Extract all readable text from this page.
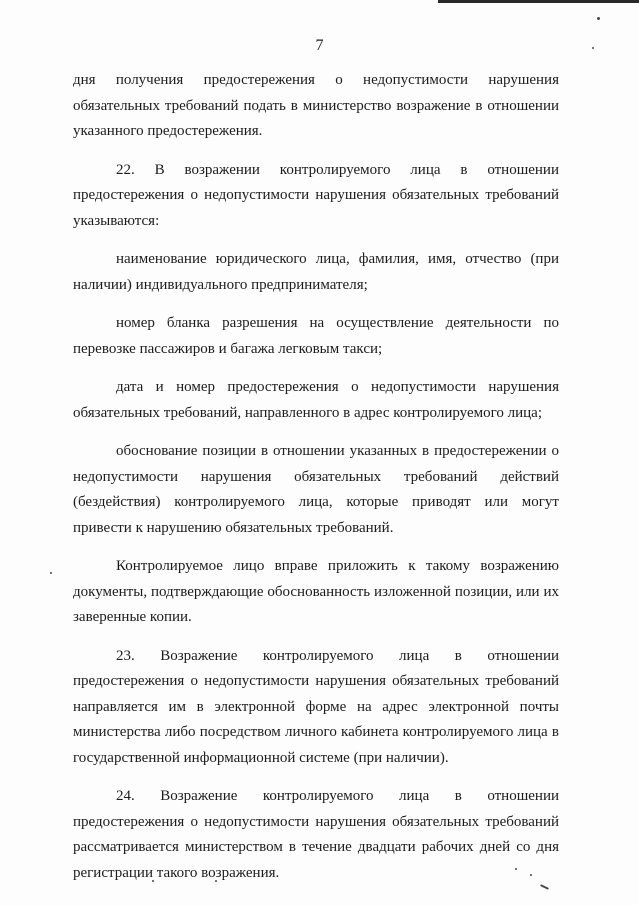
7

дня получения предостережения о недопустимости нарушения обязательных требований подать в министерство возражение в отношении указанного предостережения.

22. В возражении контролируемого лица в отношении предостережения о недопустимости нарушения обязательных требований указываются:

наименование юридического лица, фамилия, имя, отчество (при наличии) индивидуального предпринимателя;

номер бланка разрешения на осуществление деятельности по перевозке пассажиров и багажа легковым такси;

дата и номер предостережения о недопустимости нарушения обязательных требований, направленного в адрес контролируемого лица;

обоснование позиции в отношении указанных в предостережении о недопустимости нарушения обязательных требований действий (бездействия) контролируемого лица, которые приводят или могут привести к нарушению обязательных требований.

Контролируемое лицо вправе приложить к такому возражению документы, подтверждающие обоснованность изложенной позиции, или их заверенные копии.

23. Возражение контролируемого лица в отношении предостережения о недопустимости нарушения обязательных требований направляется им в электронной форме на адрес электронной почты министерства либо посредством личного кабинета контролируемого лица в государственной информационной системе (при наличии).

24. Возражение контролируемого лица в отношении предостережения о недопустимости нарушения обязательных требований рассматривается министерством в течение двадцати рабочих дней со дня регистрации такого возражения.
